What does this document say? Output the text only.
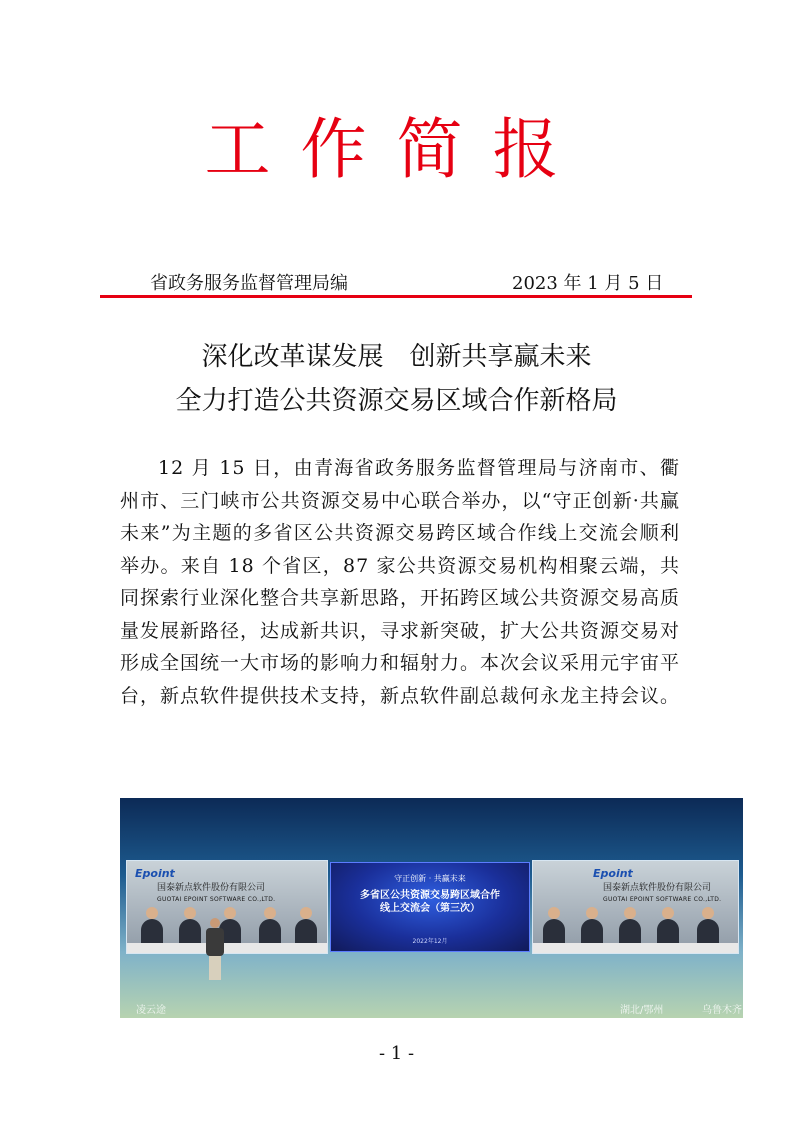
工作简报
省政务服务监督管理局编	2023 年 1 月 5 日
深化改革谋发展　创新共享赢未来
全力打造公共资源交易区域合作新格局
12 月 15 日，由青海省政务服务监督管理局与济南市、衢州市、三门峡市公共资源交易中心联合举办，以“守正创新·共赢未来”为主题的多省区公共资源交易跨区域合作线上交流会顺利举办。来自 18 个省区，87 家公共资源交易机构相聚云端，共同探索行业深化整合共享新思路，开拓跨区域公共资源交易高质量发展新路径，达成新共识，寻求新突破，扩大公共资源交易对形成全国统一大市场的影响力和辐射力。本次会议采用元宇宙平台，新点软件提供技术支持，新点软件副总裁何永龙主持会议。
Epoint
国泰新点软件股份有限公司
GUOTAI EPOINT SOFTWARE CO.,LTD.
守正创新 · 共赢未来
多省区公共资源交易跨区域合作
线上交流会（第三次）
2022年12月
Epoint
国泰新点软件股份有限公司
GUOTAI EPOINT SOFTWARE CO.,LTD.
凌云途	湖北/鄂州	乌鲁木齐
- 1 -
